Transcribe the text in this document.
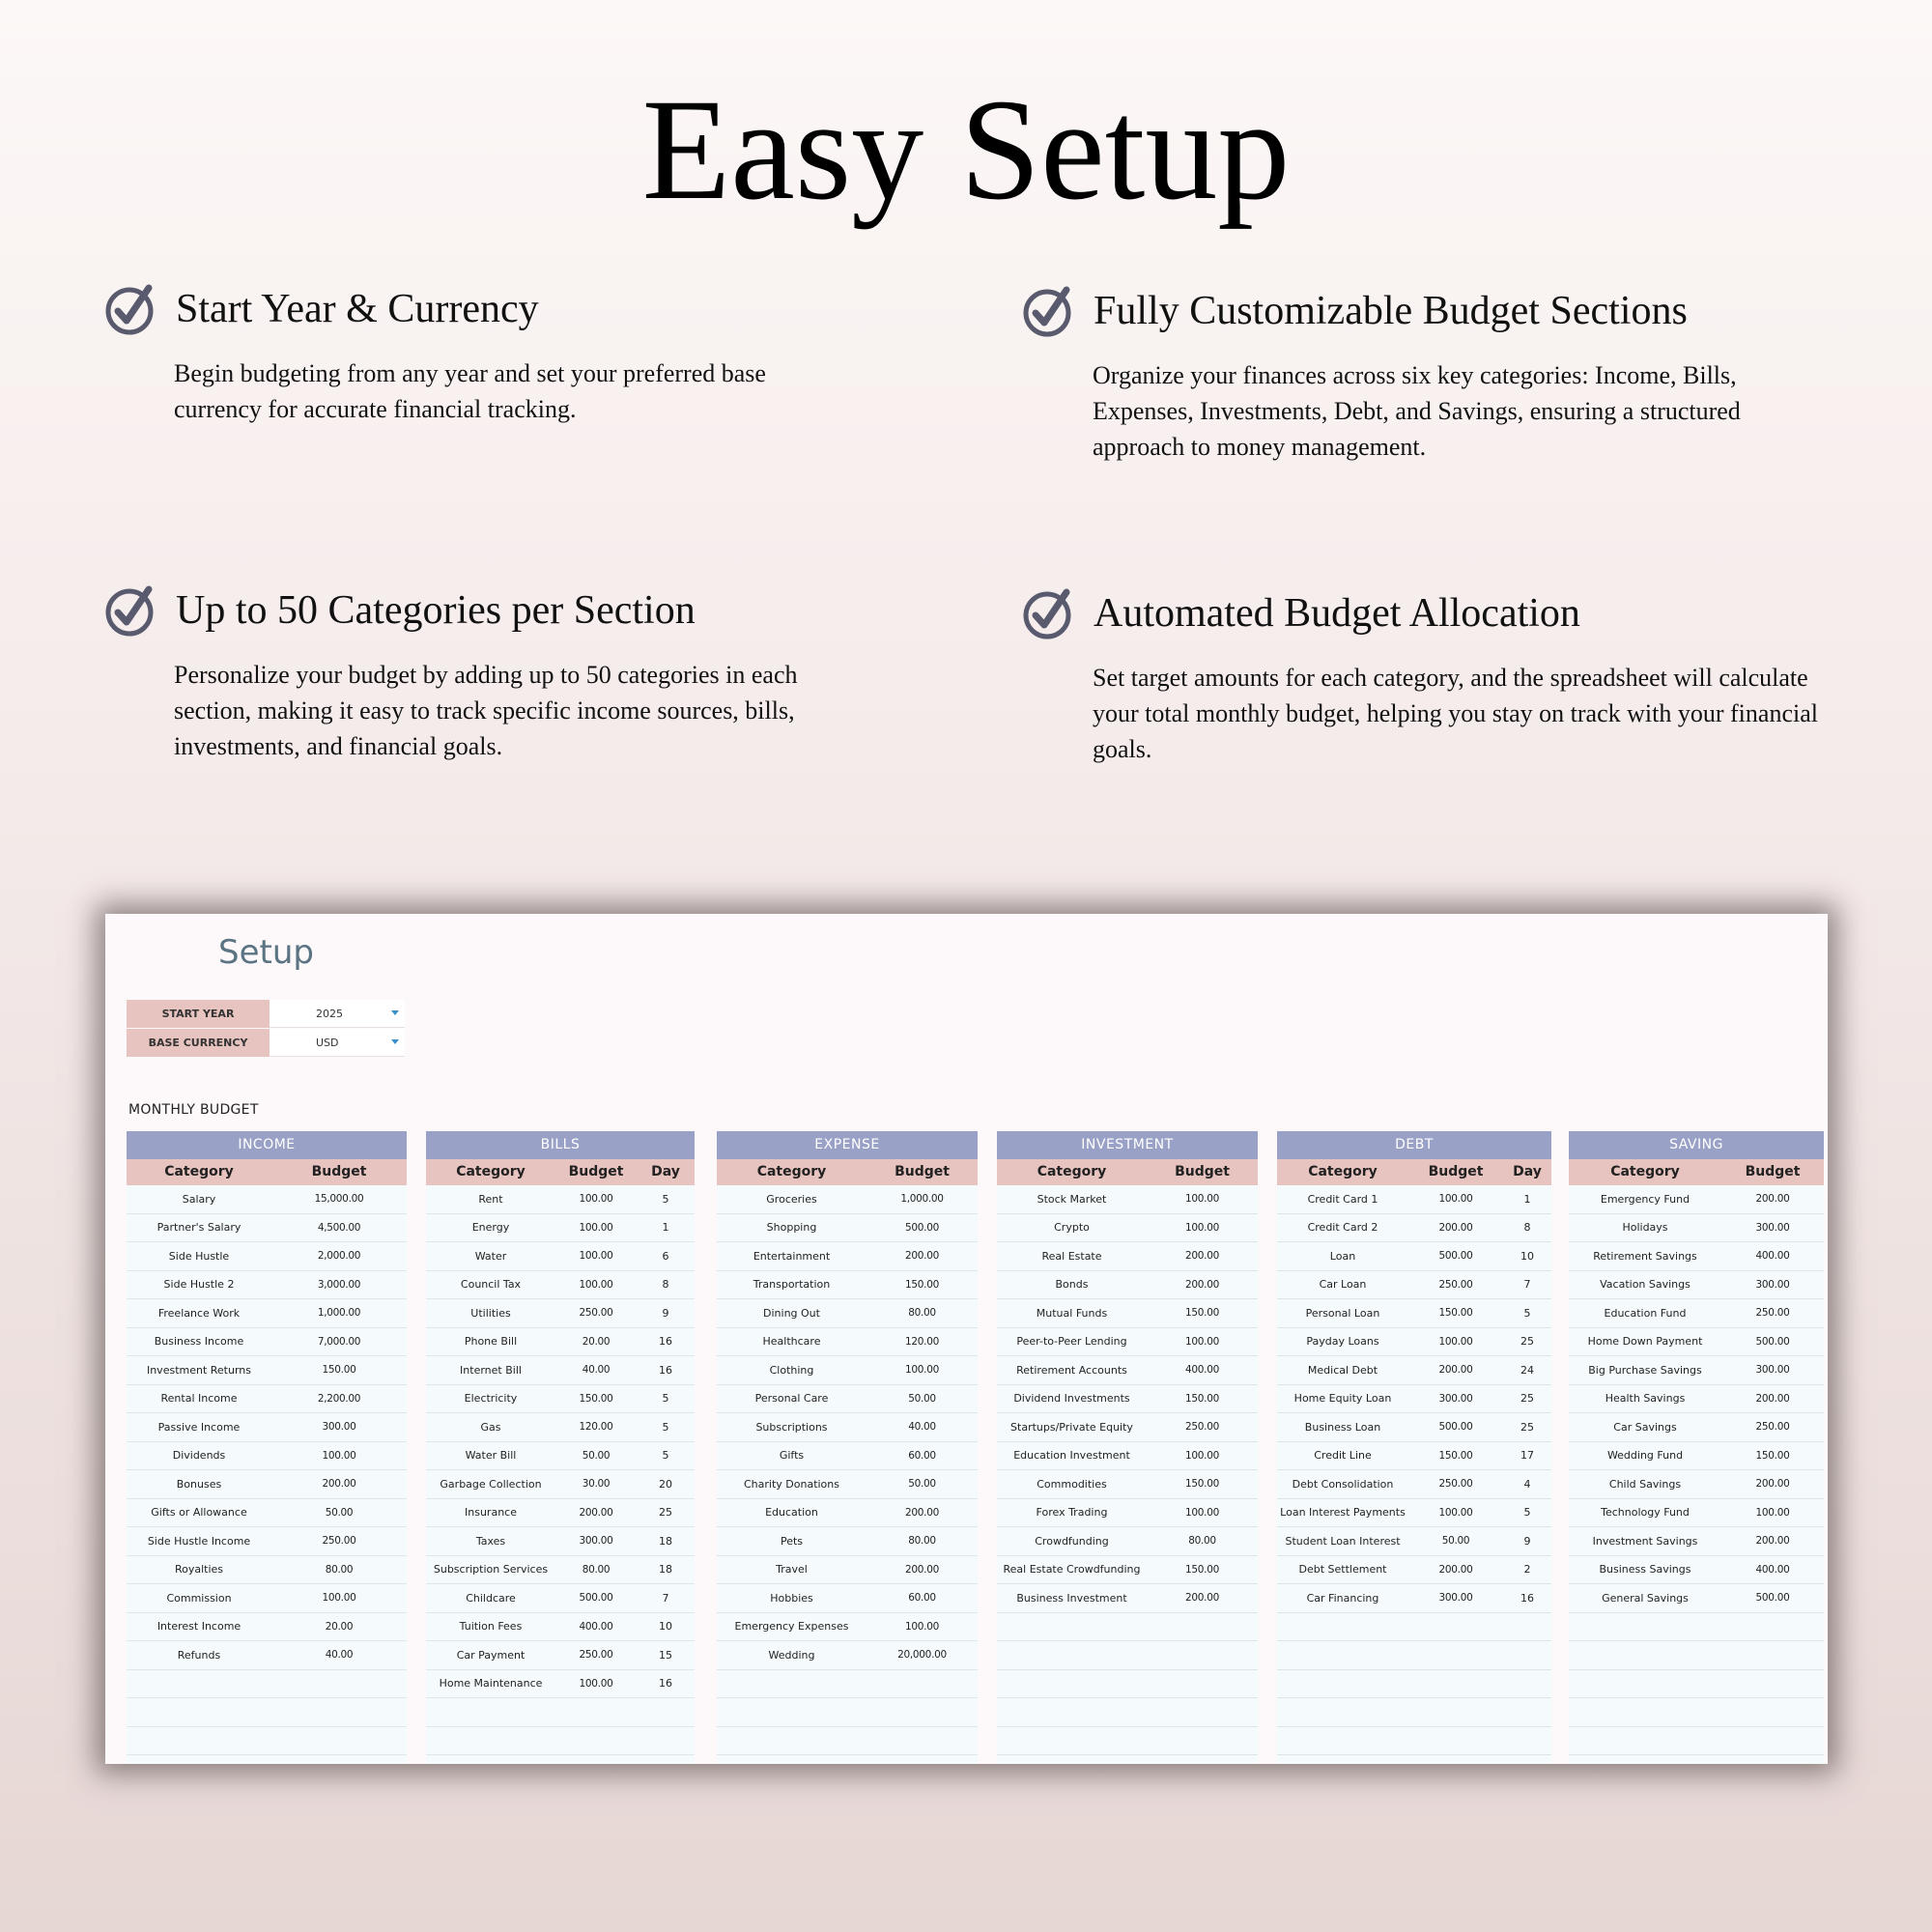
Easy Setup
Start Year & Currency
Begin budgeting from any year and set your preferred base currency for accurate financial tracking.
Fully Customizable Budget Sections
Organize your finances across six key categories: Income, Bills, Expenses, Investments, Debt, and Savings, ensuring a structured approach to money management.
Up to 50 Categories per Section
Personalize your budget by adding up to 50 categories in each section, making it easy to track specific income sources, bills, investments, and financial goals.
Automated Budget Allocation
Set target amounts for each category, and the spreadsheet will calculate your total monthly budget, helping you stay on track with your financial goals.
Setup
START YEAR	2025
BASE CURRENCY	USD
MONTHLY BUDGET
INCOME
Category	Budget
Salary	15,000.00
Partner's Salary	4,500.00
Side Hustle	2,000.00
Side Hustle 2	3,000.00
Freelance Work	1,000.00
Business Income	7,000.00
Investment Returns	150.00
Rental Income	2,200.00
Passive Income	300.00
Dividends	100.00
Bonuses	200.00
Gifts or Allowance	50.00
Side Hustle Income	250.00
Royalties	80.00
Commission	100.00
Interest Income	20.00
Refunds	40.00
BILLS
Category	Budget	Day
Rent	100.00	5
Energy	100.00	1
Water	100.00	6
Council Tax	100.00	8
Utilities	250.00	9
Phone Bill	20.00	16
Internet Bill	40.00	16
Electricity	150.00	5
Gas	120.00	5
Water Bill	50.00	5
Garbage Collection	30.00	20
Insurance	200.00	25
Taxes	300.00	18
Subscription Services	80.00	18
Childcare	500.00	7
Tuition Fees	400.00	10
Car Payment	250.00	15
Home Maintenance	100.00	16
EXPENSE
Category	Budget
Groceries	1,000.00
Shopping	500.00
Entertainment	200.00
Transportation	150.00
Dining Out	80.00
Healthcare	120.00
Clothing	100.00
Personal Care	50.00
Subscriptions	40.00
Gifts	60.00
Charity Donations	50.00
Education	200.00
Pets	80.00
Travel	200.00
Hobbies	60.00
Emergency Expenses	100.00
Wedding	20,000.00
INVESTMENT
Category	Budget
Stock Market	100.00
Crypto	100.00
Real Estate	200.00
Bonds	200.00
Mutual Funds	150.00
Peer-to-Peer Lending	100.00
Retirement Accounts	400.00
Dividend Investments	150.00
Startups/Private Equity	250.00
Education Investment	100.00
Commodities	150.00
Forex Trading	100.00
Crowdfunding	80.00
Real Estate Crowdfunding	150.00
Business Investment	200.00
DEBT
Category	Budget	Day
Credit Card 1	100.00	1
Credit Card 2	200.00	8
Loan	500.00	10
Car Loan	250.00	7
Personal Loan	150.00	5
Payday Loans	100.00	25
Medical Debt	200.00	24
Home Equity Loan	300.00	25
Business Loan	500.00	25
Credit Line	150.00	17
Debt Consolidation	250.00	4
Loan Interest Payments	100.00	5
Student Loan Interest	50.00	9
Debt Settlement	200.00	2
Car Financing	300.00	16
SAVING
Category	Budget
Emergency Fund	200.00
Holidays	300.00
Retirement Savings	400.00
Vacation Savings	300.00
Education Fund	250.00
Home Down Payment	500.00
Big Purchase Savings	300.00
Health Savings	200.00
Car Savings	250.00
Wedding Fund	150.00
Child Savings	200.00
Technology Fund	100.00
Investment Savings	200.00
Business Savings	400.00
General Savings	500.00
